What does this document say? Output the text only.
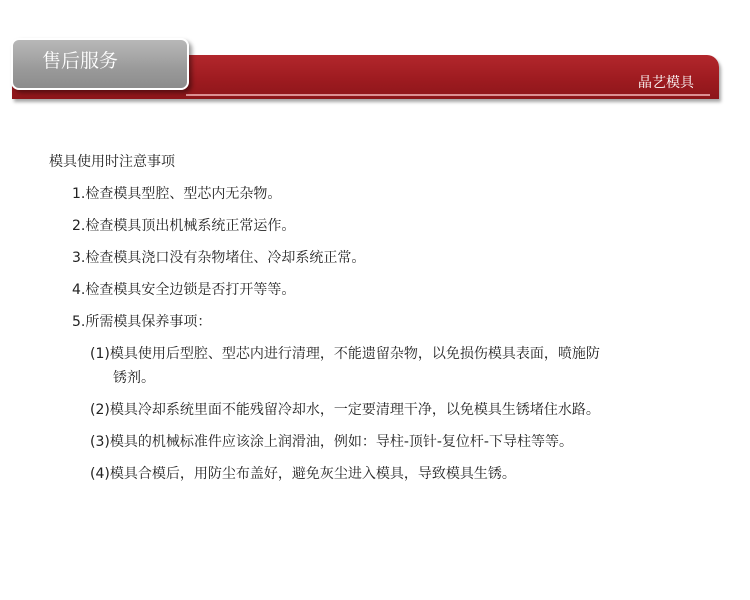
售后服务
晶艺模具
模具使用时注意事项
1.检查模具型腔、型芯内无杂物。
2.检查模具顶出机械系统正常运作。
3.检查模具浇口没有杂物堵住、冷却系统正常。
4.检查模具安全边锁是否打开等等。
5.所需模具保养事项：
(1)模具使用后型腔、型芯内进行清理，不能遗留杂物，以免损伤模具表面，喷施防
锈剂。
(2)模具冷却系统里面不能残留冷却水，一定要清理干净，以免模具生锈堵住水路。
(3)模具的机械标准件应该涂上润滑油，例如：导柱-顶针-复位杆-下导柱等等。
(4)模具合模后，用防尘布盖好，避免灰尘进入模具，导致模具生锈。
